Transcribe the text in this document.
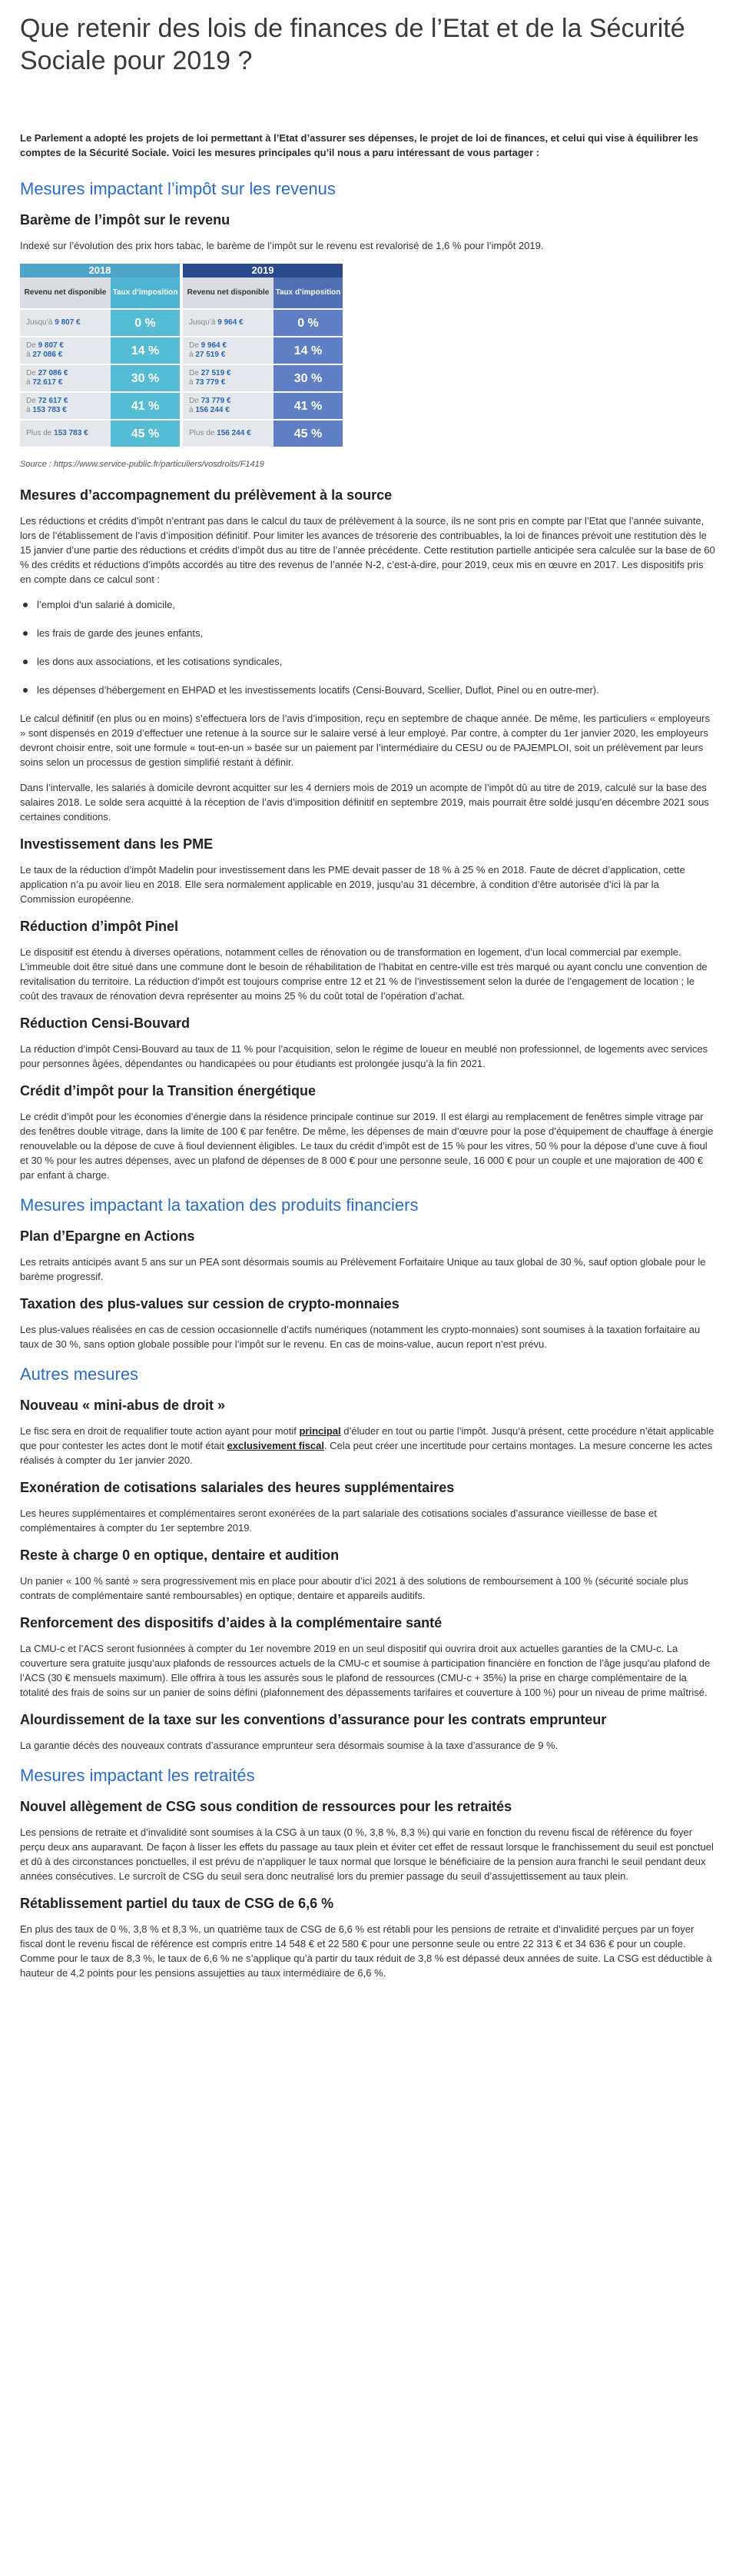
Que retenir des lois de finances de l’Etat et de la Sécurité Sociale pour 2019 ?

Le Parlement a adopté les projets de loi permettant à l’Etat d’assurer ses dépenses, le projet de loi de finances, et celui qui vise à équilibrer les comptes de la Sécurité Sociale. Voici les mesures principales qu’il nous a paru intéressant de vous partager :

Mesures impactant l’impôt sur les revenus
Barème de l’impôt sur le revenu

Indexé sur l’évolution des prix hors tabac, le barème de l’impôt sur le revenu est revalorisé de 1,6 % pour l’impôt 2019.

2018
Revenu net disponible Taux d’imposition
Jusqu’à 9 807 €	0 %
De 9 807 €
à 27 086 €	14 %
De 27 086 €
à 72 617 €	30 %
De 72 617 €
à 153 783 €	41 %
Plus de 153 783 €	45 %
2019
Revenu net disponible Taux d’imposition
Jusqu’à 9 964 €	0 %
De 9 964 €
à 27 519 €	14 %
De 27 519 €
à 73 779 €	30 %
De 73 779 €
à 156 244 €	41 %
Plus de 156 244 €	45 %

Source : https://www.service-public.fr/particuliers/vosdroits/F1419

Mesures d’accompagnement du prélèvement à la source

Les réductions et crédits d’impôt n’entrant pas dans le calcul du taux de prélèvement à la source, ils ne sont pris en compte par l’Etat que l’année suivante, lors de l’établissement de l’avis d’imposition définitif. Pour limiter les avances de trésorerie des contribuables, la loi de finances prévoit une restitution dès le 15 janvier d’une partie des réductions et crédits d’impôt dus au titre de l’année précédente. Cette restitution partielle anticipée sera calculée sur la base de 60 % des crédits et réductions d’impôts accordés au titre des revenus de l’année N-2, c’est-à-dire, pour 2019, ceux mis en œuvre en 2017. Les dispositifs pris en compte dans ce calcul sont :

l’emploi d’un salarié à domicile,
les frais de garde des jeunes enfants,
les dons aux associations, et les cotisations syndicales,
les dépenses d’hébergement en EHPAD et les investissements locatifs (Censi-Bouvard, Scellier, Duflot, Pinel ou en outre-mer).

Le calcul définitif (en plus ou en moins) s’effectuera lors de l’avis d’imposition, reçu en septembre de chaque année. De même, les particuliers « employeurs » sont dispensés en 2019 d’effectuer une retenue à la source sur le salaire versé à leur employé. Par contre, à compter du 1er janvier 2020, les employeurs devront choisir entre, soit une formule « tout-en-un » basée sur un paiement par l’intermédiaire du CESU ou de PAJEMPLOI, soit un prélèvement par leurs soins selon un processus de gestion simplifié restant à définir.

Dans l’intervalle, les salariés à domicile devront acquitter sur les 4 derniers mois de 2019 un acompte de l’impôt dû au titre de 2019, calculé sur la base des salaires 2018. Le solde sera acquitté à la réception de l’avis d’imposition définitif en septembre 2019, mais pourrait être soldé jusqu’en décembre 2021 sous certaines conditions.

Investissement dans les PME

Le taux de la réduction d’impôt Madelin pour investissement dans les PME devait passer de 18 % à 25 % en 2018. Faute de décret d’application, cette application n’a pu avoir lieu en 2018. Elle sera normalement applicable en 2019, jusqu’au 31 décembre, à condition d’être autorisée d’ici là par la Commission européenne.

Réduction d’impôt Pinel

Le dispositif est étendu à diverses opérations, notamment celles de rénovation ou de transformation en logement, d’un local commercial par exemple. L’immeuble doit être situé dans une commune dont le besoin de réhabilitation de l’habitat en centre-ville est très marqué ou ayant conclu une convention de revitalisation du territoire. La réduction d’impôt est toujours comprise entre 12 et 21 % de l’investissement selon la durée de l’engagement de location ; le coût des travaux de rénovation devra représenter au moins 25 % du coût total de l’opération d’achat.

Réduction Censi-Bouvard

La réduction d’impôt Censi-Bouvard au taux de 11 % pour l’acquisition, selon le régime de loueur en meublé non professionnel, de logements avec services pour personnes âgées, dépendantes ou handicapées ou pour étudiants est prolongée jusqu’à la fin 2021.

Crédit d’impôt pour la Transition énergétique

Le crédit d’impôt pour les économies d’énergie dans la résidence principale continue sur 2019. Il est élargi au remplacement de fenêtres simple vitrage par des fenêtres double vitrage, dans la limite de 100 € par fenêtre. De même, les dépenses de main d’œuvre pour la pose d’équipement de chauffage à énergie renouvelable ou la dépose de cuve à fioul deviennent éligibles. Le taux du crédit d’impôt est de 15 % pour les vitres, 50 % pour la dépose d’une cuve à fioul et 30 % pour les autres dépenses, avec un plafond de dépenses de 8 000 € pour une personne seule, 16 000 € pour un couple et une majoration de 400 € par enfant à charge.

Mesures impactant la taxation des produits financiers
Plan d’Epargne en Actions

Les retraits anticipés avant 5 ans sur un PEA sont désormais soumis au Prélèvement Forfaitaire Unique au taux global de 30 %, sauf option globale pour le barème progressif.

Taxation des plus-values sur cession de crypto-monnaies

Les plus-values réalisées en cas de cession occasionnelle d’actifs numériques (notamment les crypto-monnaies) sont soumises à la taxation forfaitaire au taux de 30 %, sans option globale possible pour l’impôt sur le revenu. En cas de moins-value, aucun report n’est prévu.

Autres mesures
Nouveau « mini-abus de droit »

Le fisc sera en droit de requalifier toute action ayant pour motif principal d’éluder en tout ou partie l’impôt. Jusqu’à présent, cette procédure n’était applicable que pour contester les actes dont le motif était exclusivement fiscal. Cela peut créer une incertitude pour certains montages. La mesure concerne les actes réalisés à compter du 1er janvier 2020.

Exonération de cotisations salariales des heures supplémentaires

Les heures supplémentaires et complémentaires seront exonérées de la part salariale des cotisations sociales d’assurance vieillesse de base et complémentaires à compter du 1er septembre 2019.

Reste à charge 0 en optique, dentaire et audition

Un panier « 100 % santé » sera progressivement mis en place pour aboutir d’ici 2021 à des solutions de remboursement à 100 % (sécurité sociale plus contrats de complémentaire santé remboursables) en optique, dentaire et appareils auditifs.

Renforcement des dispositifs d’aides à la complémentaire santé

La CMU-c et l’ACS seront fusionnées à compter du 1er novembre 2019 en un seul dispositif qui ouvrira droit aux actuelles garanties de la CMU-c. La couverture sera gratuite jusqu’aux plafonds de ressources actuels de la CMU-c et soumise à participation financière en fonction de l’âge jusqu’au plafond de l’ACS (30 € mensuels maximum). Elle offrira à tous les assurés sous le plafond de ressources (CMU-c + 35%) la prise en charge complémentaire de la totalité des frais de soins sur un panier de soins défini (plafonnement des dépassements tarifaires et couverture à 100 %) pour un niveau de prime maîtrisé.

Alourdissement de la taxe sur les conventions d’assurance pour les contrats emprunteur

La garantie décès des nouveaux contrats d’assurance emprunteur sera désormais soumise à la taxe d’assurance de 9 %.

Mesures impactant les retraités
Nouvel allègement de CSG sous condition de ressources pour les retraités

Les pensions de retraite et d’invalidité sont soumises à la CSG à un taux (0 %, 3,8 %, 8,3 %) qui varie en fonction du revenu fiscal de référence du foyer perçu deux ans auparavant. De façon à lisser les effets du passage au taux plein et éviter cet effet de ressaut lorsque le franchissement du seuil est ponctuel et dû à des circonstances ponctuelles, il est prévu de n’appliquer le taux normal que lorsque le bénéficiaire de la pension aura franchi le seuil pendant deux années consécutives. Le surcroît de CSG du seuil sera donc neutralisé lors du premier passage du seuil d’assujettissement au taux plein.

Rétablissement partiel du taux de CSG de 6,6 %

En plus des taux de 0 %, 3,8 % et 8,3 %, un quatrième taux de CSG de 6,6 % est rétabli pour les pensions de retraite et d’invalidité perçues par un foyer fiscal dont le revenu fiscal de référence est compris entre 14 548 € et 22 580 € pour une personne seule ou entre 22 313 € et 34 636 € pour un couple. Comme pour le taux de 8,3 %, le taux de 6,6 % ne s’applique qu’à partir du taux réduit de 3,8 % est dépassé deux années de suite. La CSG est déductible à hauteur de 4,2 points pour les pensions assujetties au taux intermédiaire de 6,6 %.
